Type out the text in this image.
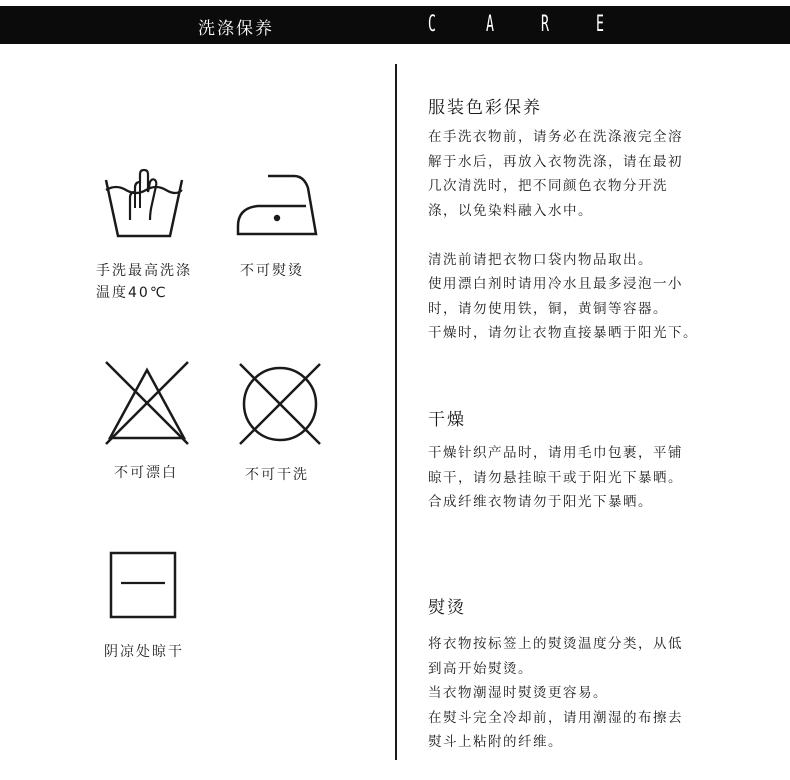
洗涤保养	C A R E
手洗最高洗涤
温度40℃
不可熨烫
不可漂白	不可干洗
阴凉处晾干
服装色彩保养
在手洗衣物前，请务必在洗涤液完全溶
解于水后，再放入衣物洗涤，请在最初
几次清洗时，把不同颜色衣物分开洗
涤，以免染料融入水中。

清洗前请把衣物口袋内物品取出。
使用漂白剂时请用冷水且最多浸泡一小
时，请勿使用铁，铜，黄铜等容器。
干燥时，请勿让衣物直接暴晒于阳光下。
干燥
干燥针织产品时，请用毛巾包裹，平铺
晾干，请勿悬挂晾干或于阳光下暴晒。
合成纤维衣物请勿于阳光下暴晒。
熨烫
将衣物按标签上的熨烫温度分类，从低
到高开始熨烫。
当衣物潮湿时熨烫更容易。
在熨斗完全冷却前，请用潮湿的布擦去
熨斗上粘附的纤维。
